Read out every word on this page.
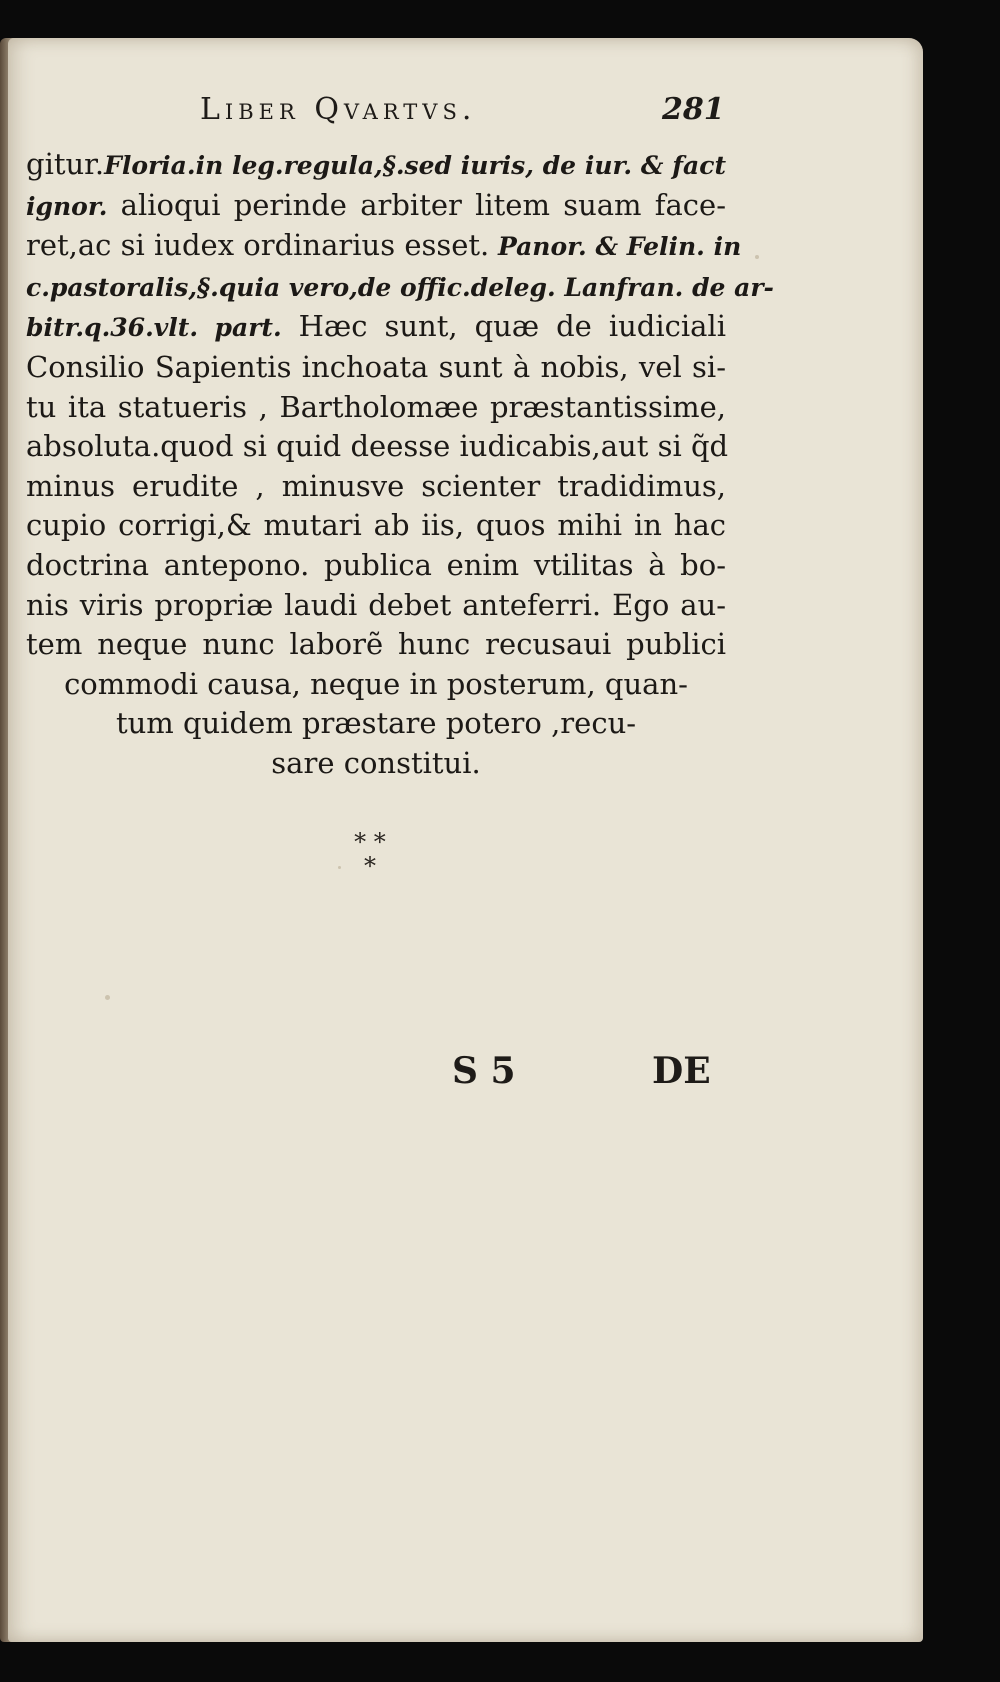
Liber Qvartvs.	281
gitur.Floria.in leg.regula,§.sed iuris, de iur. & fact
ignor. alioqui perinde arbiter litem suam face-
ret,ac si iudex ordinarius esset. Panor. & Felin. in
c.pastoralis,§.quia vero,de offic.deleg. Lanfran. de ar-
bitr.q.36.vlt. part. Hæc sunt, quæ de iudiciali
Consilio Sapientis inchoata sunt à nobis, vel si-
tu ita statueris , Bartholomæe præstantissime,
absoluta.quod si quid deesse iudicabis,aut si q̃d
minus erudite , minusve scienter tradidimus,
cupio corrigi,& mutari ab iis, quos mihi in hac
doctrina antepono. publica enim vtilitas à bo-
nis viris propriæ laudi debet anteferri. Ego au-
tem neque nunc laborẽ hunc recusaui publici
commodi causa, neque in posterum, quan-
tum quidem præstare potero ,recu-
sare constitui.
* *
*
S 5	DE
